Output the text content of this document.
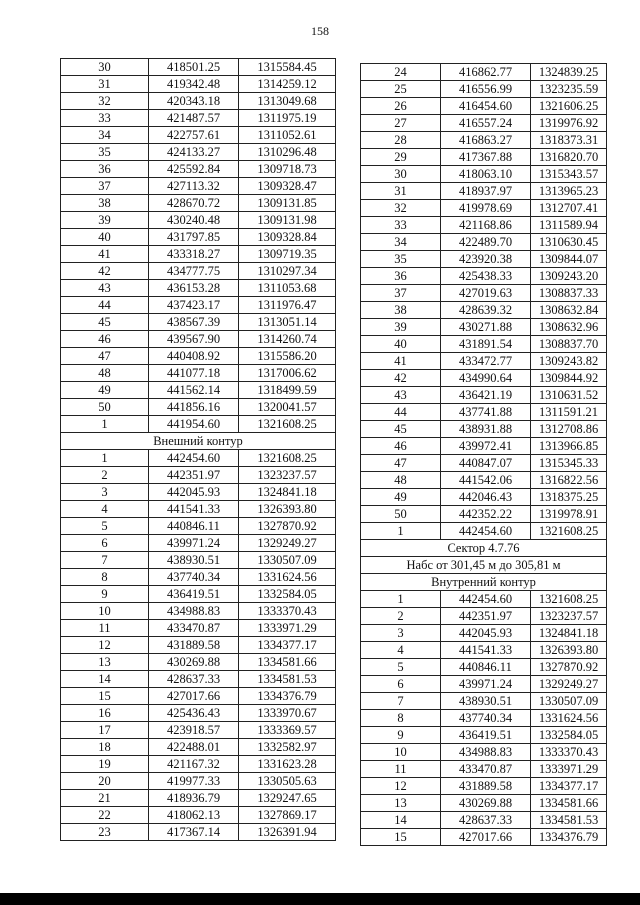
158
30	418501.25	1315584.45
31	419342.48	1314259.12
32	420343.18	1313049.68
33	421487.57	1311975.19
34	422757.61	1311052.61
35	424133.27	1310296.48
36	425592.84	1309718.73
37	427113.32	1309328.47
38	428670.72	1309131.85
39	430240.48	1309131.98
40	431797.85	1309328.84
41	433318.27	1309719.35
42	434777.75	1310297.34
43	436153.28	1311053.68
44	437423.17	1311976.47
45	438567.39	1313051.14
46	439567.90	1314260.74
47	440408.92	1315586.20
48	441077.18	1317006.62
49	441562.14	1318499.59
50	441856.16	1320041.57
1	441954.60	1321608.25
Внешний контур		
1	442454.60	1321608.25
2	442351.97	1323237.57
3	442045.93	1324841.18
4	441541.33	1326393.80
5	440846.11	1327870.92
6	439971.24	1329249.27
7	438930.51	1330507.09
8	437740.34	1331624.56
9	436419.51	1332584.05
10	434988.83	1333370.43
11	433470.87	1333971.29
12	431889.58	1334377.17
13	430269.88	1334581.66
14	428637.33	1334581.53
15	427017.66	1334376.79
16	425436.43	1333970.67
17	423918.57	1333369.57
18	422488.01	1332582.97
19	421167.32	1331623.28
20	419977.33	1330505.63
21	418936.79	1329247.65
22	418062.13	1327869.17
23	417367.14	1326391.94
24	416862.77	1324839.25
25	416556.99	1323235.59
26	416454.60	1321606.25
27	416557.24	1319976.92
28	416863.27	1318373.31
29	417367.88	1316820.70
30	418063.10	1315343.57
31	418937.97	1313965.23
32	419978.69	1312707.41
33	421168.86	1311589.94
34	422489.70	1310630.45
35	423920.38	1309844.07
36	425438.33	1309243.20
37	427019.63	1308837.33
38	428639.32	1308632.84
39	430271.88	1308632.96
40	431891.54	1308837.70
41	433472.77	1309243.82
42	434990.64	1309844.92
43	436421.19	1310631.52
44	437741.88	1311591.21
45	438931.88	1312708.86
46	439972.41	1313966.85
47	440847.07	1315345.33
48	441542.06	1316822.56
49	442046.43	1318375.25
50	442352.22	1319978.91
1	442454.60	1321608.25
Сектор 4.7.76		
Набс от 301,45 м до 305,81 м		
Внутренний контур		
1	442454.60	1321608.25
2	442351.97	1323237.57
3	442045.93	1324841.18
4	441541.33	1326393.80
5	440846.11	1327870.92
6	439971.24	1329249.27
7	438930.51	1330507.09
8	437740.34	1331624.56
9	436419.51	1332584.05
10	434988.83	1333370.43
11	433470.87	1333971.29
12	431889.58	1334377.17
13	430269.88	1334581.66
14	428637.33	1334581.53
15	427017.66	1334376.79
